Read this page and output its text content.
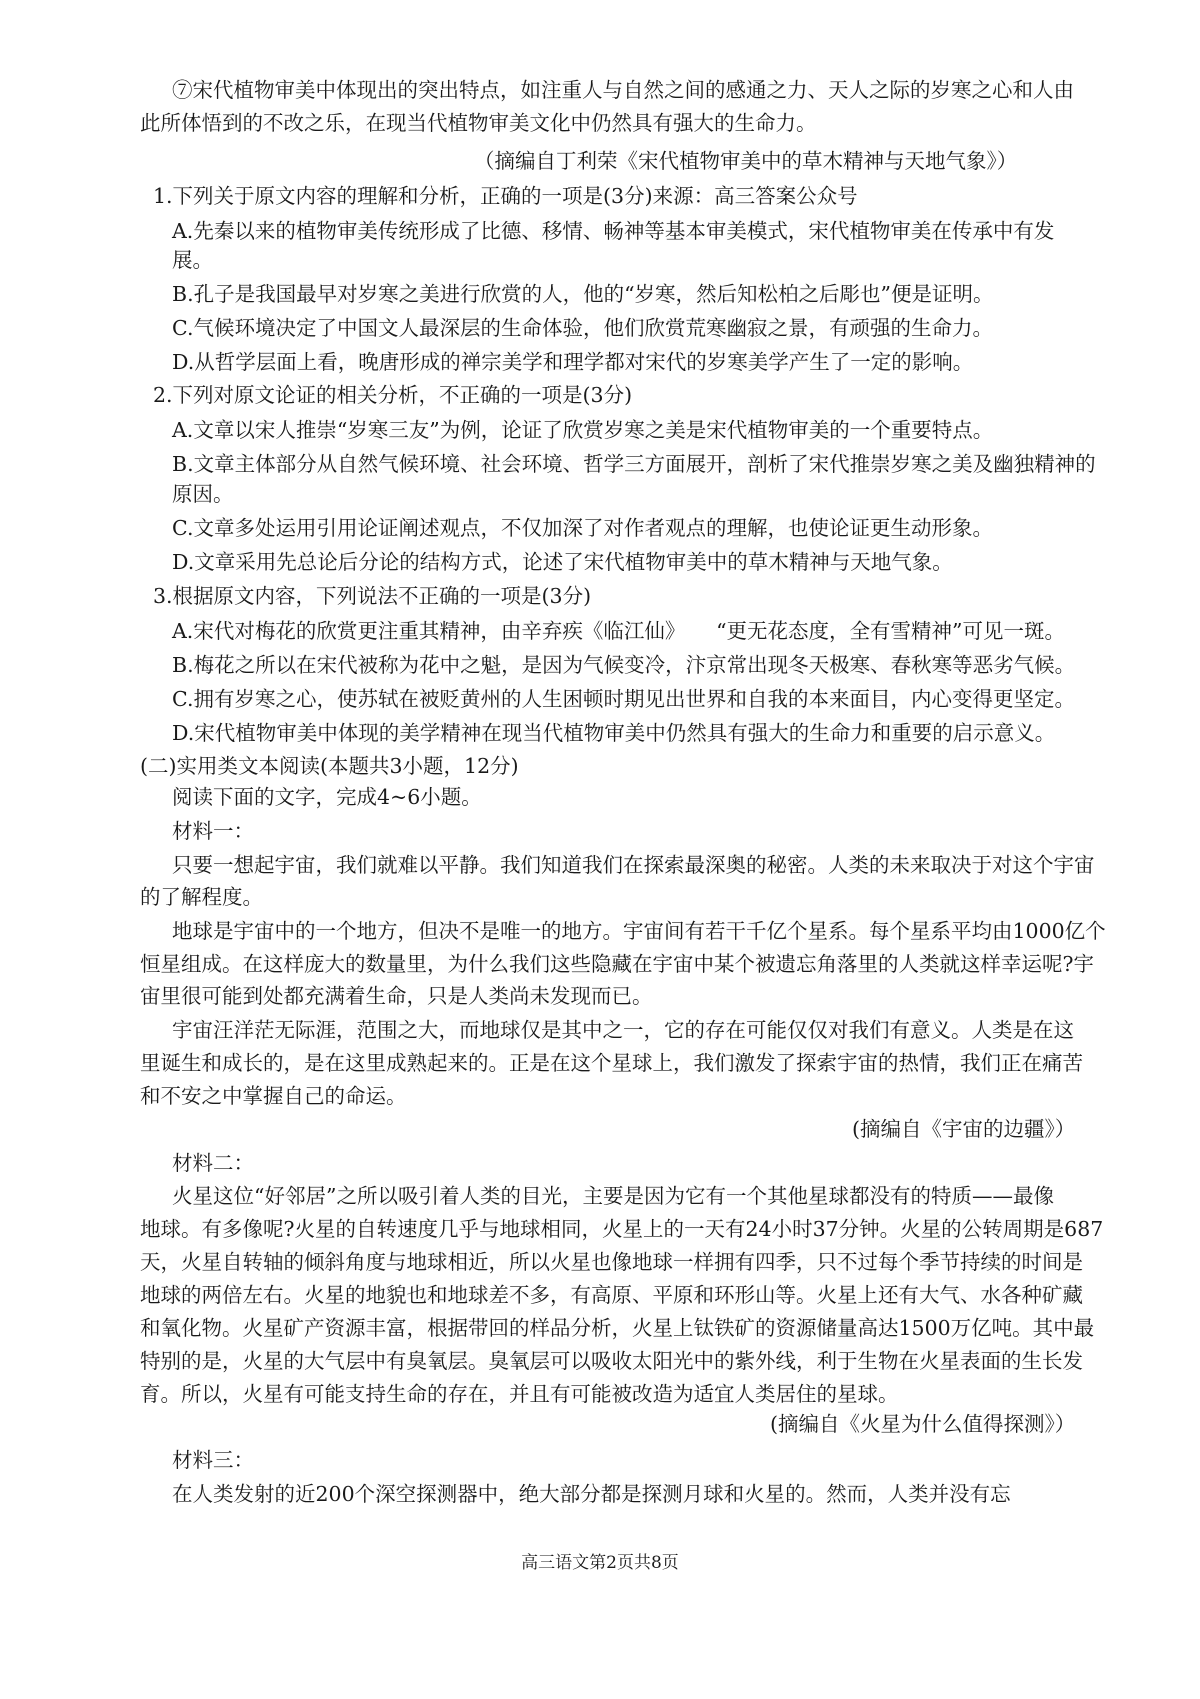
⑦宋代植物审美中体现出的突出特点，如注重人与自然之间的感通之力、天人之际的岁寒之心和人由
此所体悟到的不改之乐，在现当代植物审美文化中仍然具有强大的生命力。
（摘编自丁利荣《宋代植物审美中的草木精神与天地气象》）
1.下列关于原文内容的理解和分析，正确的一项是(3分)来源：高三答案公众号
A.先秦以来的植物审美传统形成了比德、移情、畅神等基本审美模式，宋代植物审美在传承中有发
展。
B.孔子是我国最早对岁寒之美进行欣赏的人，他的“岁寒，然后知松柏之后彫也”便是证明。
C.气候环境决定了中国文人最深层的生命体验，他们欣赏荒寒幽寂之景，有顽强的生命力。
D.从哲学层面上看，晚唐形成的禅宗美学和理学都对宋代的岁寒美学产生了一定的影响。
2.下列对原文论证的相关分析，不正确的一项是(3分)
A.文章以宋人推崇“岁寒三友”为例，论证了欣赏岁寒之美是宋代植物审美的一个重要特点。
B.文章主体部分从自然气候环境、社会环境、哲学三方面展开，剖析了宋代推崇岁寒之美及幽独精神的
原因。
C.文章多处运用引用论证阐述观点，不仅加深了对作者观点的理解，也使论证更生动形象。
D.文章采用先总论后分论的结构方式，论述了宋代植物审美中的草木精神与天地气象。
3.根据原文内容，下列说法不正确的一项是(3分)
A.宋代对梅花的欣赏更注重其精神，由辛弃疾《临江仙》　　“更无花态度，全有雪精神”可见一斑。
B.梅花之所以在宋代被称为花中之魁，是因为气候变冷，汴京常出现冬天极寒、春秋寒等恶劣气候。
C.拥有岁寒之心，使苏轼在被贬黄州的人生困顿时期见出世界和自我的本来面目，内心变得更坚定。
D.宋代植物审美中体现的美学精神在现当代植物审美中仍然具有强大的生命力和重要的启示意义。
(二)实用类文本阅读(本题共3小题，12分)
阅读下面的文字，完成4~6小题。
材料一：
只要一想起宇宙，我们就难以平静。我们知道我们在探索最深奥的秘密。人类的未来取决于对这个宇宙
的了解程度。
地球是宇宙中的一个地方，但决不是唯一的地方。宇宙间有若干千亿个星系。每个星系平均由1000亿个
恒星组成。在这样庞大的数量里，为什么我们这些隐藏在宇宙中某个被遗忘角落里的人类就这样幸运呢?宇
宙里很可能到处都充满着生命，只是人类尚未发现而已。
宇宙汪洋茫无际涯，范围之大，而地球仅是其中之一，它的存在可能仅仅对我们有意义。人类是在这
里诞生和成长的，是在这里成熟起来的。正是在这个星球上，我们激发了探索宇宙的热情，我们正在痛苦
和不安之中掌握自己的命运。
(摘编自《宇宙的边疆》）
材料二：
火星这位“好邻居”之所以吸引着人类的目光，主要是因为它有一个其他星球都没有的特质——最像
地球。有多像呢?火星的自转速度几乎与地球相同，火星上的一天有24小时37分钟。火星的公转周期是687
天，火星自转轴的倾斜角度与地球相近，所以火星也像地球一样拥有四季，只不过每个季节持续的时间是
地球的两倍左右。火星的地貌也和地球差不多，有高原、平原和环形山等。火星上还有大气、水各种矿藏
和氧化物。火星矿产资源丰富，根据带回的样品分析，火星上钛铁矿的资源储量高达1500万亿吨。其中最
特别的是，火星的大气层中有臭氧层。臭氧层可以吸收太阳光中的紫外线，利于生物在火星表面的生长发
育。所以，火星有可能支持生命的存在，并且有可能被改造为适宜人类居住的星球。
(摘编自《火星为什么值得探测》）
材料三：
在人类发射的近200个深空探测器中，绝大部分都是探测月球和火星的。然而，人类并没有忘
高三语文第2页共8页
